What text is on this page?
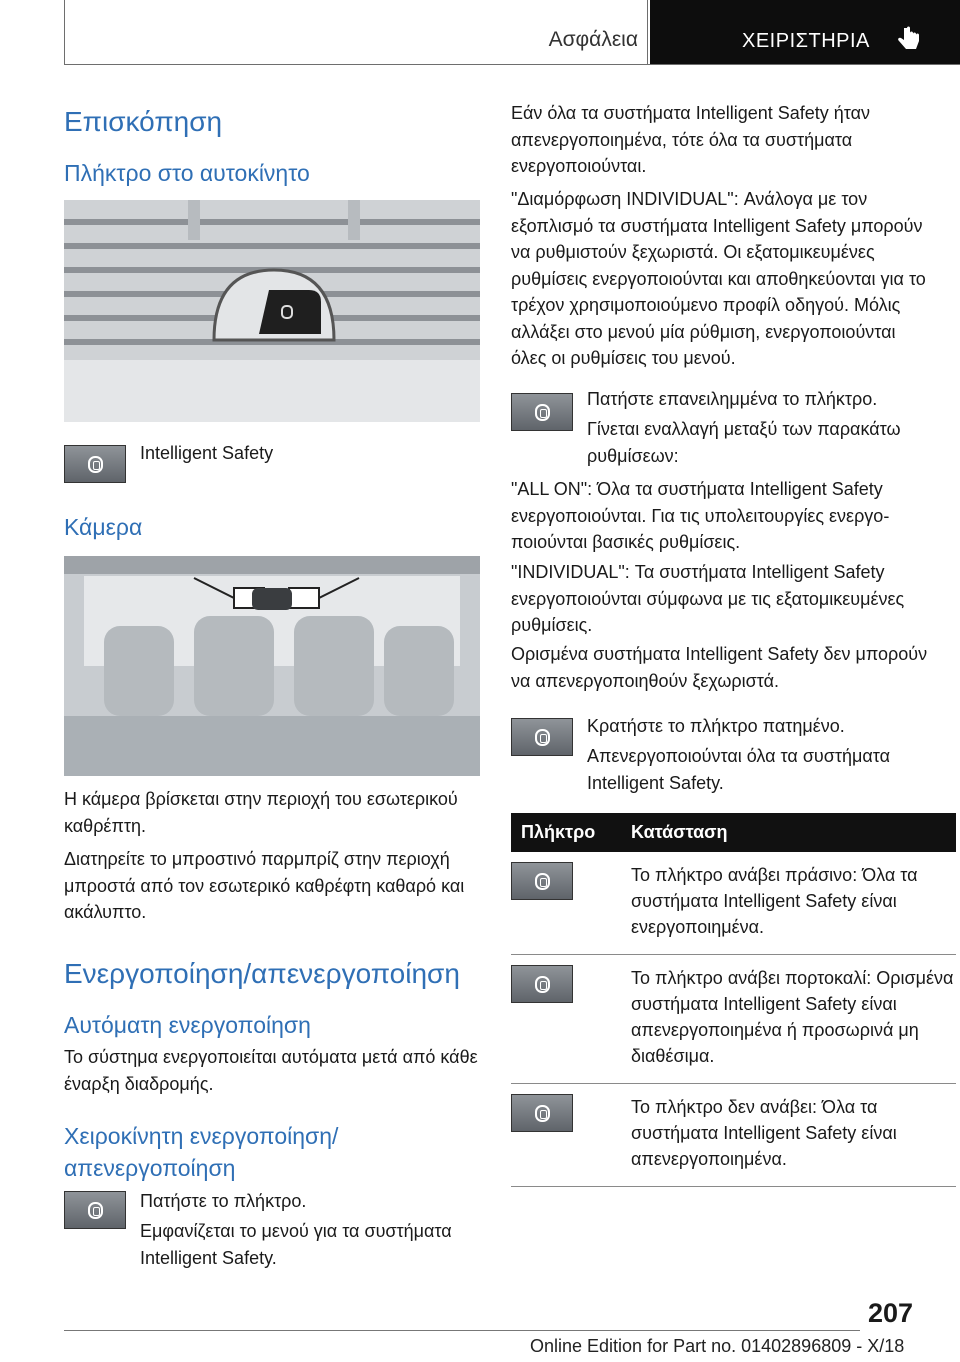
Ασφάλεια	ΧΕΙΡΙΣΤΗΡΙΑ
Επισκόπηση
Πλήκτρο στο αυτοκίνητο

Intelligent Safety

Κάμερα

Η κάμερα βρίσκεται στην περιοχή του εσωτερικού καθρέπτη.

Διατηρείτε το μπροστινό παρμπρίζ στην περιοχή μπροστά από τον εσωτερικό καθρέφτη καθαρό και ακάλυπτο.

Ενεργοποίηση/απενεργοποίηση
Αυτόματη ενεργοποίηση

Το σύστημα ενεργοποιείται αυτόματα μετά από κάθε έναρξη διαδρομής.

Χειροκίνητη ενεργοποίηση/ απενεργοποίηση

Πατήστε το πλήκτρο.

Εμφανίζεται το μενού για τα συστήματα Intelligent Safety.

Εάν όλα τα συστήματα Intelligent Safety ήταν απενεργοποιημένα, τότε όλα τα συστήματα ενεργοποιούνται.

"Διαμόρφωση INDIVIDUAL": Ανάλογα με τον εξοπλισμό τα συστήματα Intelligent Safety μπορούν να ρυθμιστούν ξεχωριστά. Οι εξατομικευμένες ρυθμίσεις ενεργοποιούνται και αποθηκεύονται για το τρέχον χρησιμοποιούμενο προφίλ οδηγού. Μόλις αλλάξει στο μενού μία ρύθμιση, ενεργοποιούνται όλες οι ρυθμίσεις του μενού.

Πατήστε επανειλημμένα το πλήκτρο.

Γίνεται εναλλαγή μεταξύ των παρακάτω ρυθμίσεων:

"ALL ON": Όλα τα συστήματα Intelligent Safety ενεργοποιούνται. Για τις υπολειτουργίες ενεργοποιούνται βασικές ρυθμίσεις.

"INDIVIDUAL": Τα συστήματα Intelligent Safety ενεργοποιούνται σύμφωνα με τις εξατομικευμένες ρυθμίσεις.

Ορισμένα συστήματα Intelligent Safety δεν μπορούν να απενεργοποιηθούν ξεχωριστά.

Κρατήστε το πλήκτρο πατημένο.

Απενεργοποιούνται όλα τα συστήματα Intelligent Safety.

Πλήκτρο	Κατάσταση

	Το πλήκτρο ανάβει πράσινο: Όλα τα συστήματα Intelligent Safety είναι ενεργοποιημένα.

	Το πλήκτρο ανάβει πορτοκαλί: Ορισμένα συστήματα Intelligent Safety είναι απενεργοποιημένα ή προσωρινά μη διαθέσιμα.

	Το πλήκτρο δεν ανάβει: Όλα τα συστήματα Intelligent Safety είναι απενεργοποιημένα.
207
Online Edition for Part no. 01402896809 - X/18
